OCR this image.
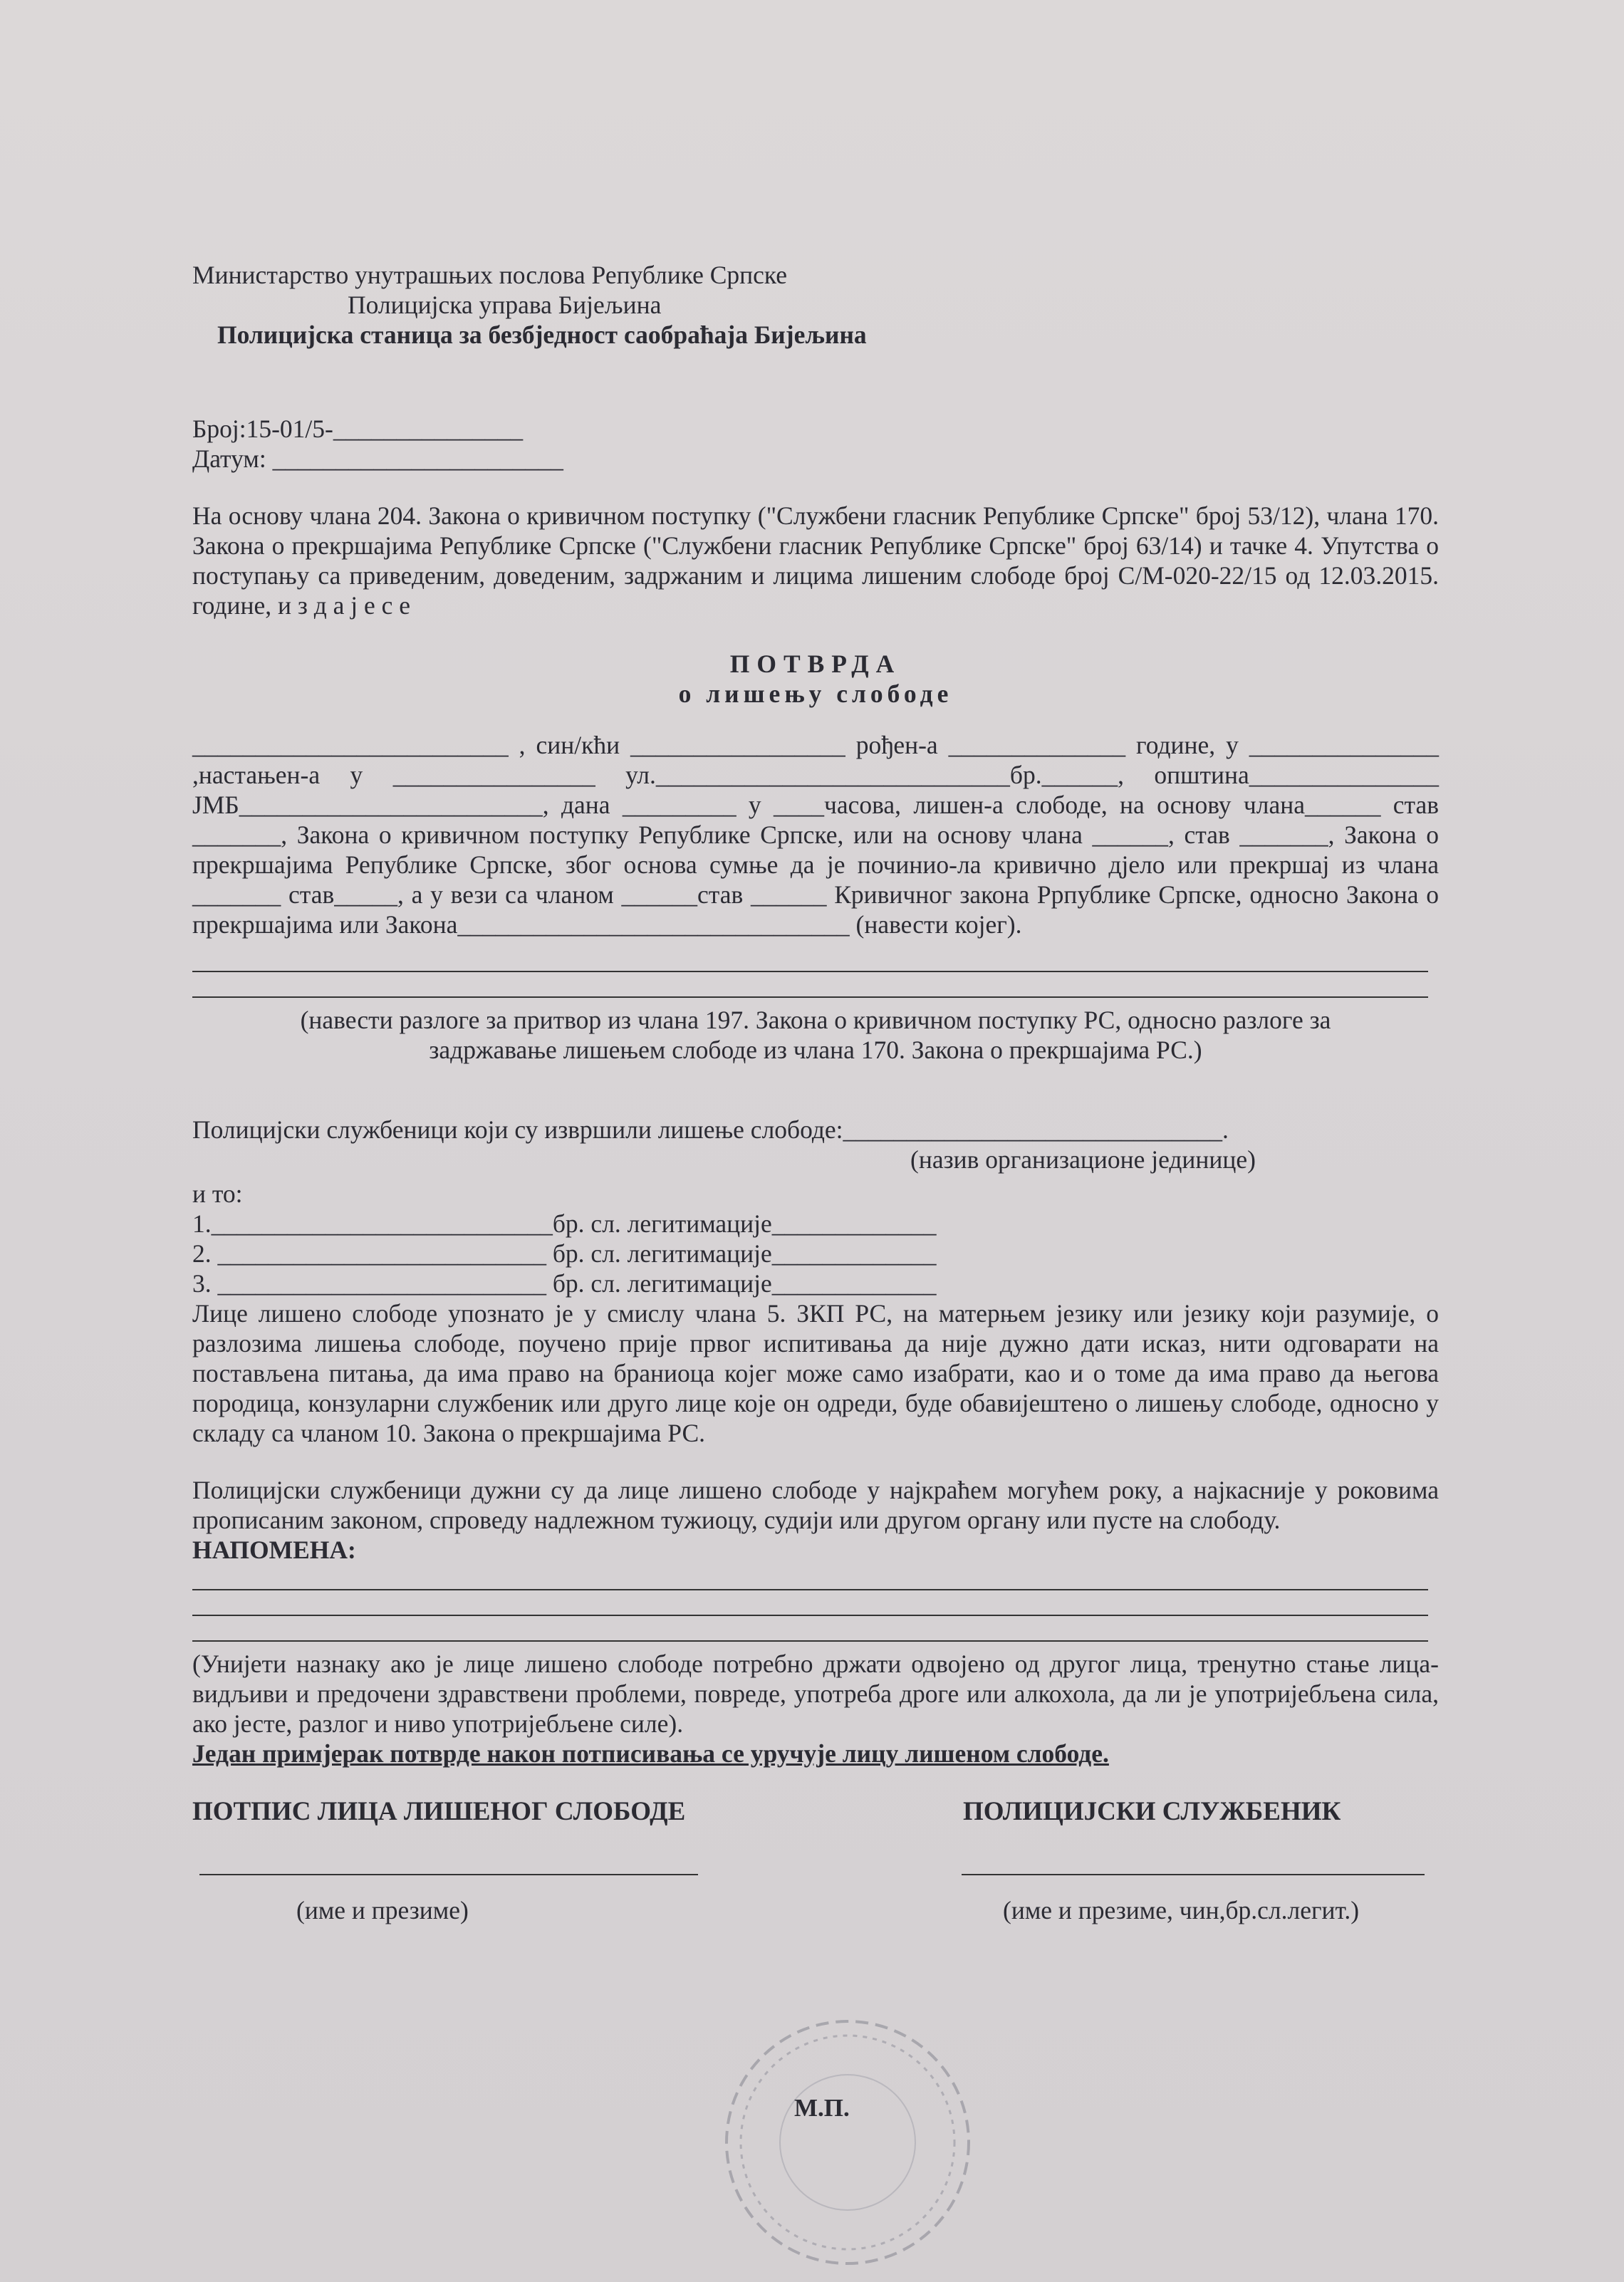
Министарство унутрашњих послова Републике Српске
Полицијска управа Бијељина
Полицијска станица за безбједност саобраћаја Бијељина
Број:15-01/5-_______________
Датум: _______________________
На основу члана 204. Закона о кривичном поступку ("Службени гласник Републике Српске" број 53/12), члана 170. Закона о прекршајима Републике Српске ("Службени гласник Републике Српске" број 63/14) и тачке 4. Упутства о поступању са приведеним, доведеним, задржаним и лицима лишеним слободе број С/М-020-22/15 од 12.03.2015. године, и з д а ј е с е
ПОТВРДА
о лишењу слободе
_________________________ , син/кћи _________________ рођен-а ______________ године, у _______________ ,настањен-а у ________________ ул.____________________________бр.______, општина_______________ ЈМБ________________________, дана _________ у ____часова, лишен-а слободе, на основу члана______ став _______, Закона о кривичном поступку Републике Српске, или на основу члана ______, став _______, Закона о прекршајима Републике Српске, због основа сумње да је починио-ла кривично дјело или прекршај из члана _______ став_____, а у вези са чланом ______став ______ Кривичног закона Ррпублике Српске, односно Закона о прекршајима или Закона_______________________________ (навести којег).
(навести разлоге за притвор из члана 197. Закона о кривичном поступку РС, односно разлоге за
задржавање лишењем слободе из члана 170. Закона о прекршајима РС.)
Полицијски службеници који су извршили лишење слободе:______________________________.
(назив организационе јединице)
и то:
1.___________________________бр. сл. легитимације_____________
2. __________________________ бр. сл. легитимације_____________
3. __________________________ бр. сл. легитимације_____________
Лице лишено слободе упознато је у смислу члана 5. ЗКП РС, на матерњем језику или језику који разумије, о разлозима лишења слободе, поучено прије првог испитивања да није дужно дати исказ, нити одговарати на постављена питања, да има право на браниоца којег може само изабрати, као и о томе да има право да његова породица, конзуларни службеник или друго лице које он одреди, буде обавијештено о лишењу слободе, односно у складу са чланом 10. Закона о прекршајима РС.
Полицијски службеници дужни су да лице лишено слободе у најкраћем могућем року, а најкасније у роковима прописаним законом, спроведу надлежном тужиоцу, судији или другом органу или пусте на слободу.
НАПОМЕНА:
(Унијети назнаку ако је лице лишено слободе потребно држати одвојено од другог лица, тренутно стање лица-видљиви и предочени здравствени проблеми, повреде, употреба дроге или алкохола, да ли је употријебљена сила, ако јесте, разлог и ниво употријебљене силе).
Један примјерак потврде након потписивања се уручује лицу лишеном слободе.
ПОТПИС ЛИЦА ЛИШЕНОГ СЛОБОДЕ	ПОЛИЦИЈСКИ СЛУЖБЕНИК
(име и презиме)	(име и презиме, чин,бр.сл.легит.)
М.П.
